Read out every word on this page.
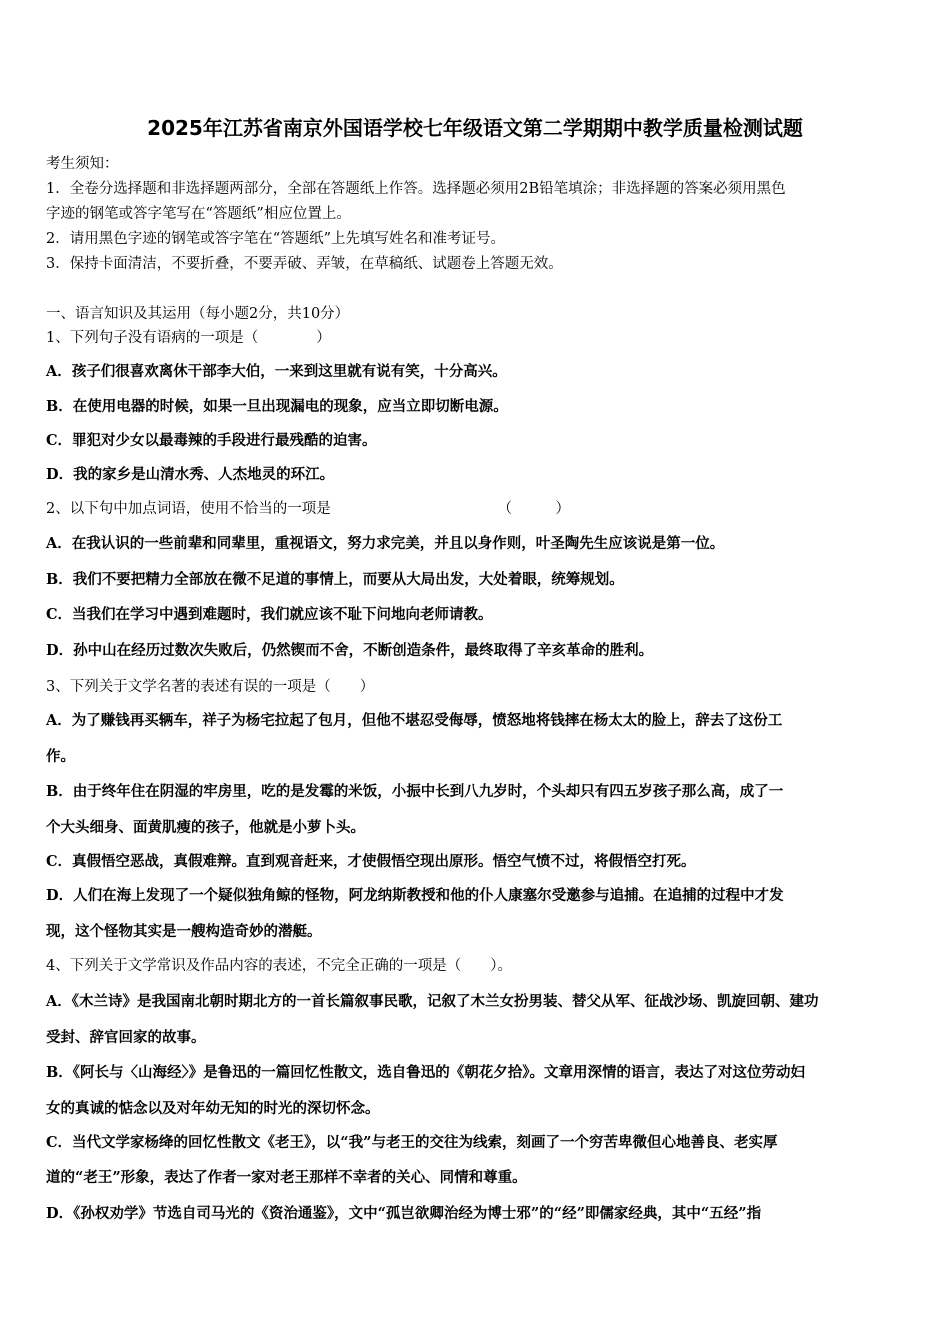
2025年江苏省南京外国语学校七年级语文第二学期期中教学质量检测试题
考生须知：
1．全卷分选择题和非选择题两部分，全部在答题纸上作答。选择题必须用2B铅笔填涂；非选择题的答案必须用黑色
字迹的钢笔或答字笔写在“答题纸”相应位置上。
2．请用黑色字迹的钢笔或答字笔在“答题纸”上先填写姓名和准考证号。
3．保持卡面清洁，不要折叠，不要弄破、弄皱，在草稿纸、试题卷上答题无效。
一、语言知识及其运用（每小题2分，共10分）
1、下列句子没有语病的一项是（　　　　）
A．孩子们很喜欢离休干部李大伯，一来到这里就有说有笑，十分高兴。
B．在使用电器的时候，如果一旦出现漏电的现象，应当立即切断电源。
C．罪犯对少女以最毒辣的手段进行最残酷的迫害。
D．我的家乡是山清水秀、人杰地灵的环江。
2、以下句中加点词语，使用不恰当的一项是　　　　　　　　　　　　（　　　）
A．在我认识的一些前辈和同辈里，重视语文，努力求完美，并且以身作则，叶圣陶先生应该说是第一位。
B．我们不要把精力全部放在微不足道的事情上，而要从大局出发，大处着眼，统筹规划。
C．当我们在学习中遇到难题时，我们就应该不耻下问地向老师请教。
D．孙中山在经历过数次失败后，仍然锲而不舍，不断创造条件，最终取得了辛亥革命的胜利。
3、下列关于文学名著的表述有误的一项是（　　）
A．为了赚钱再买辆车，祥子为杨宅拉起了包月，但他不堪忍受侮辱，愤怒地将钱摔在杨太太的脸上，辞去了这份工
作。
B．由于终年住在阴湿的牢房里，吃的是发霉的米饭，小振中长到八九岁时，个头却只有四五岁孩子那么高，成了一
个大头细身、面黄肌瘦的孩子，他就是小萝卜头。
C．真假悟空恶战，真假难辩。直到观音赶来，才使假悟空现出原形。悟空气愤不过，将假悟空打死。
D．人们在海上发现了一个疑似独角鲸的怪物，阿龙纳斯教授和他的仆人康塞尔受邀参与追捕。在追捕的过程中才发
现，这个怪物其实是一艘构造奇妙的潜艇。
4、下列关于文学常识及作品内容的表述，不完全正确的一项是（　　）。
A．《木兰诗》是我国南北朝时期北方的一首长篇叙事民歌，记叙了木兰女扮男装、替父从军、征战沙场、凯旋回朝、建功
受封、辞官回家的故事。
B．《阿长与〈山海经〉》是鲁迅的一篇回忆性散文，选自鲁迅的《朝花夕拾》。文章用深情的语言，表达了对这位劳动妇
女的真诚的惦念以及对年幼无知的时光的深切怀念。
C．当代文学家杨绛的回忆性散文《老王》，以“我”与老王的交往为线索，刻画了一个穷苦卑微但心地善良、老实厚
道的“老王”形象，表达了作者一家对老王那样不幸者的关心、同情和尊重。
D．《孙权劝学》节选自司马光的《资治通鉴》，文中“孤岂欲卿治经为博士邪”的“经”即儒家经典，其中“五经”指
